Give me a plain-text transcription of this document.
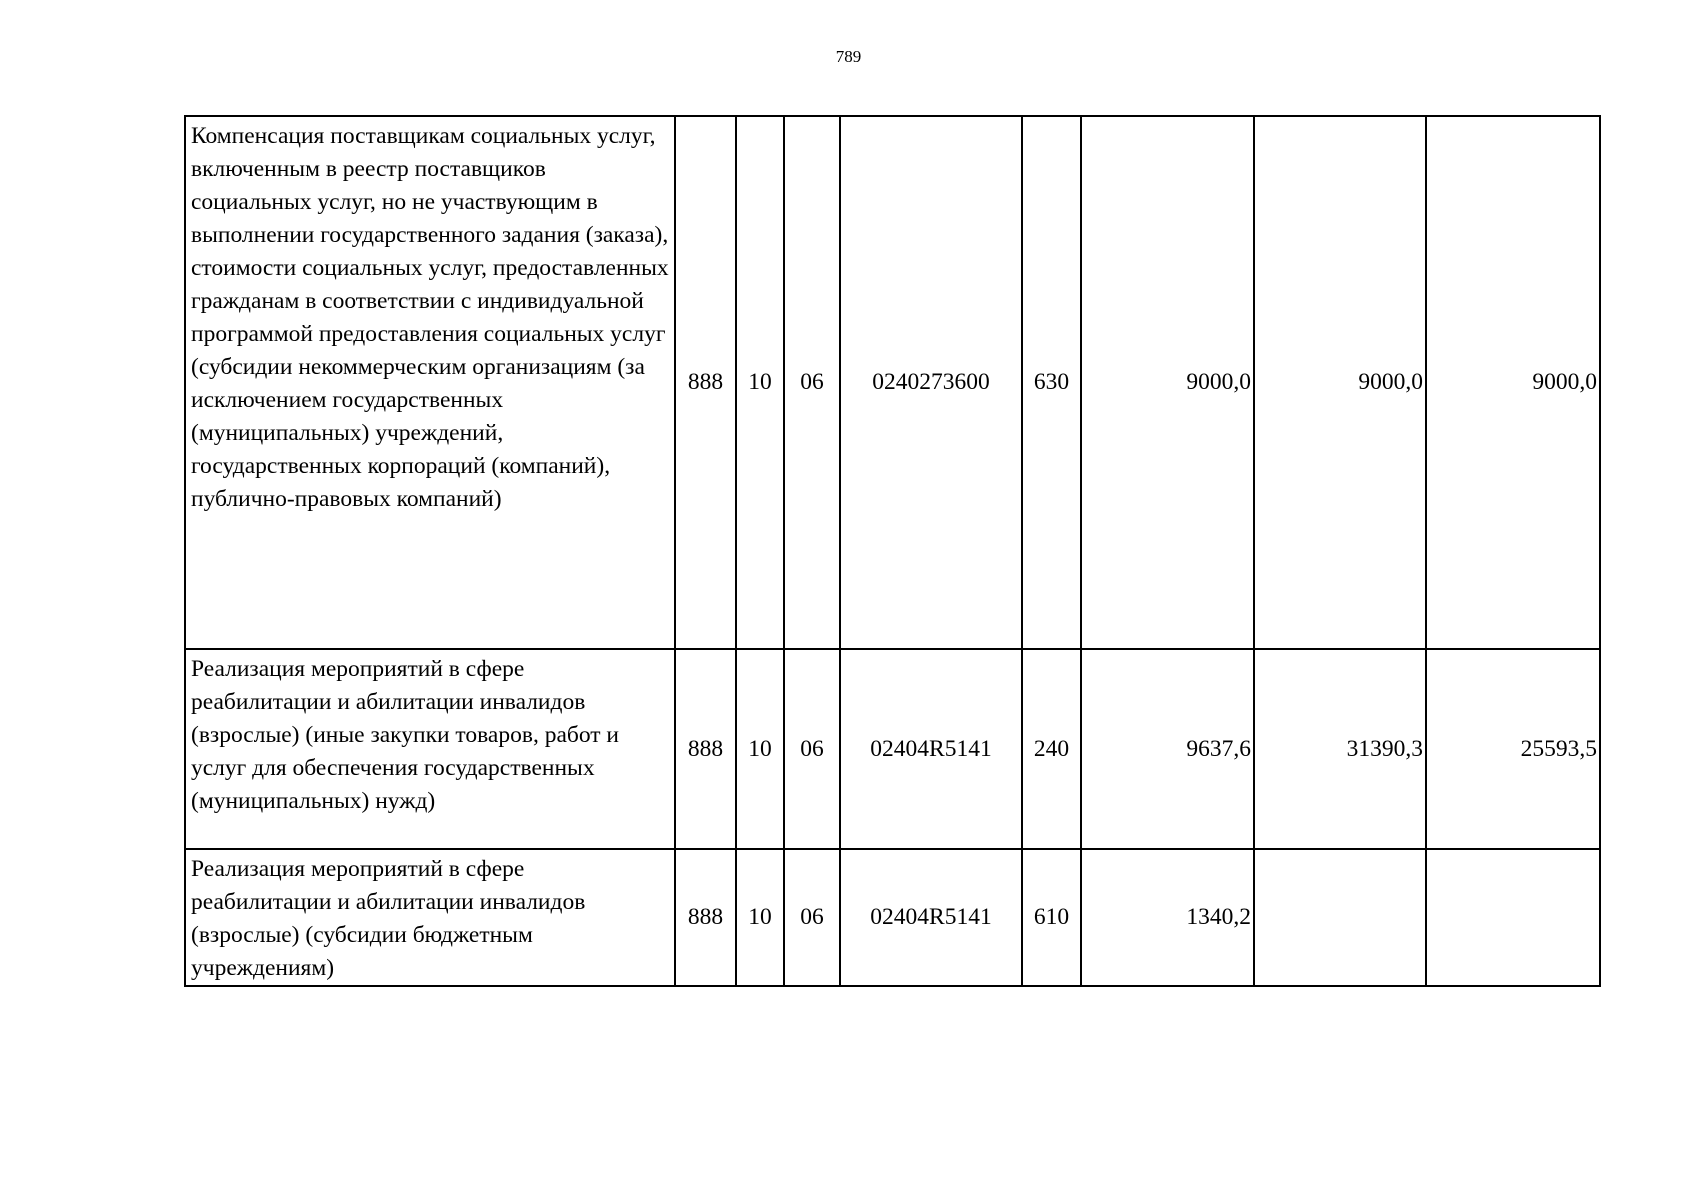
789
Компенсация поставщикам социальных услуг, включенным в реестр поставщиков социальных услуг, но не участвующим в выполнении государственного задания (заказа), стоимости социальных услуг, предоставленных гражданам в соответствии с индивидуальной программой предоставления социальных услуг (субсидии некоммерческим организациям (за исключением государственных (муниципальных) учреждений, государственных корпораций (компаний), публично-правовых компаний)	888	10	06	0240273600	630	9000,0	9000,0	9000,0
Реализация мероприятий в сфере реабилитации и абилитации инвалидов (взрослые) (иные закупки товаров, работ и услуг для обеспечения государственных (муниципальных) нужд)	888	10	06	02404R5141	240	9637,6	31390,3	25593,5
Реализация мероприятий в сфере реабилитации и абилитации инвалидов (взрослые) (субсидии бюджетным учреждениям)	888	10	06	02404R5141	610	1340,2		
